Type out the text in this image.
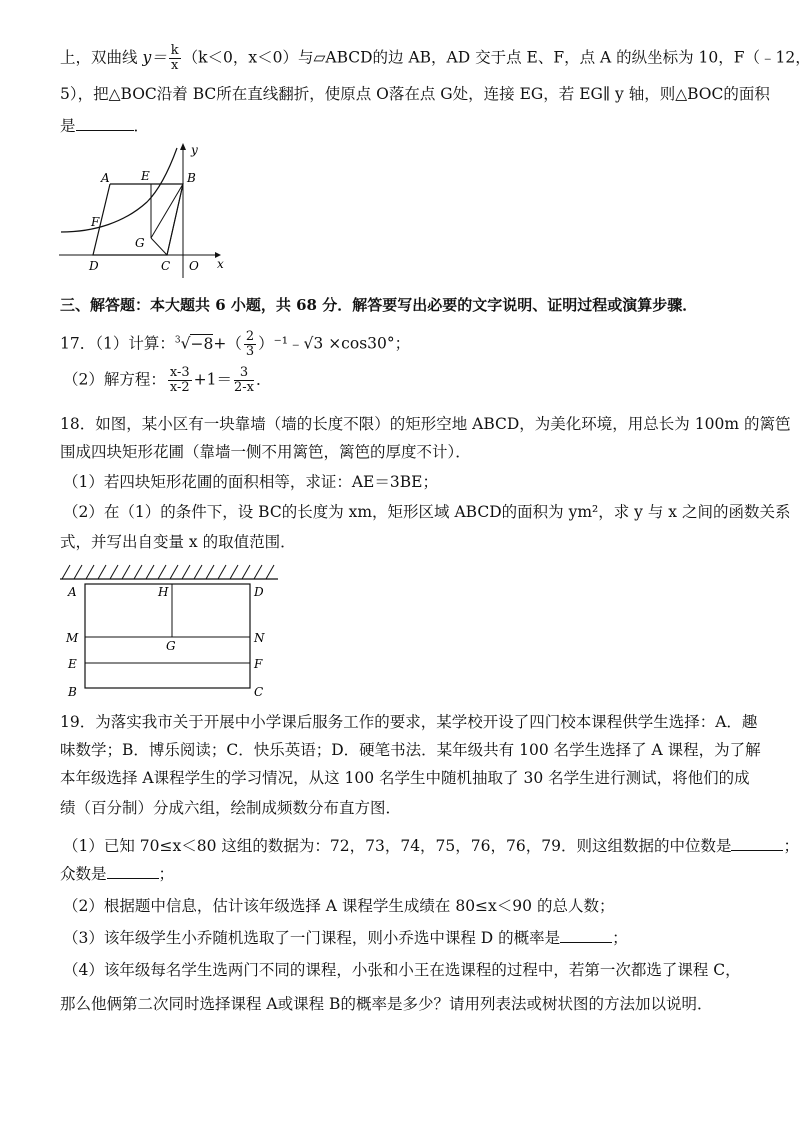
上，双曲线 $y= \frac{k}{x} (k<0$，x＜0）与▱ABCD的边 AB，AD 交于点 E、F，点 A 的纵坐标为 10，F（﹣12，
5），把△BOC沿着 BC所在直线翻折，使原点 O落在点 G处，连接 EG，若 EG∥ y 轴，则△BOC的面积
是	．
A	E	B
F
G
D	C O x
y
三、解答题：本大题共 6 小题，共 68 分．解答要写出必要的文字说明、证明过程或演算步骤．
17．（1）计算：$^3√-8+( \frac{2}{3}$ ）⁻¹﹣√3 ×cos30°；
（2）解方程： $\frac{x-3}{x-2} +1= \frac{3}{2-x}$ ．
18．如图，某小区有一块靠墙（墙的长度不限）的矩形空地 ABCD，为美化环境，用总长为 100m 的篱笆
围成四块矩形花圃（靠墙一侧不用篱笆，篱笆的厚度不计）．
（1）若四块矩形花圃的面积相等，求证：AE＝3BE；
（2）在（1）的条件下，设 BC的长度为 xm，矩形区域 ABCD的面积为 ym²，求 y 与 x 之间的函数关系
式，并写出自变量 x 的取值范围．
A	H	D
M
G
N
E	F
B	C
19．为落实我市关于开展中小学课后服务工作的要求，某学校开设了四门校本课程供学生选择：A．趣
味数学；B．博乐阅读；C．快乐英语；D．硬笔书法．某年级共有 100 名学生选择了 A 课程，为了解
本年级选择 A课程学生的学习情况，从这 100 名学生中随机抽取了 30 名学生进行测试，将他们的成
绩（百分制）分成六组，绘制成频数分布直方图．
（1）已知 70≤x＜80 这组的数据为：72，73，74，75，76，76，79．则这组数据的中位数是	；
众数是	；
（2）根据题中信息，估计该年级选择 A 课程学生成绩在 80≤x＜90 的总人数；
（3）该年级学生小乔随机选取了一门课程，则小乔选中课程 D 的概率是	；
（4）该年级每名学生选两门不同的课程，小张和小王在选课程的过程中，若第一次都选了课程 C，
那么他俩第二次同时选择课程 A或课程 B的概率是多少？请用列表法或树状图的方法加以说明．
